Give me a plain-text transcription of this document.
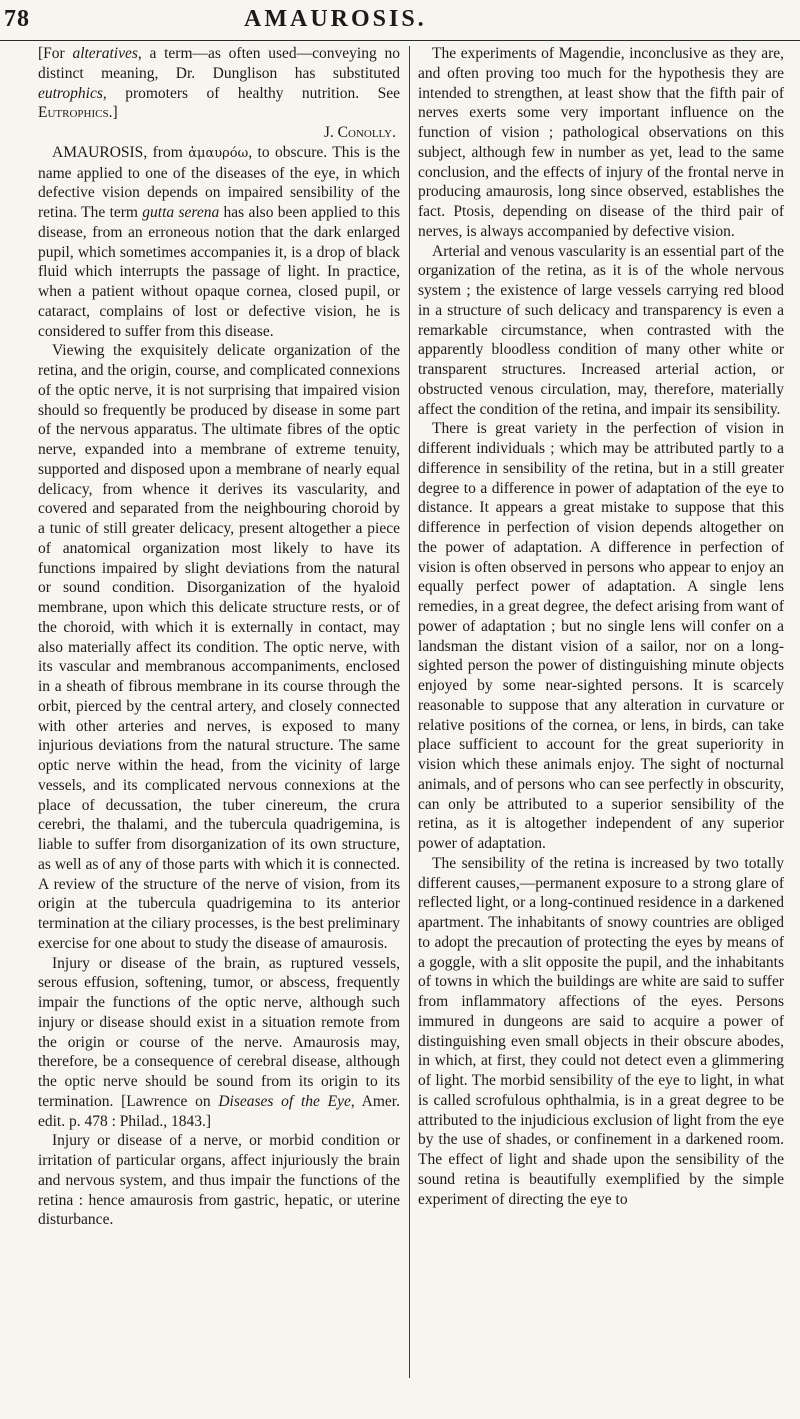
78	AMAUROSIS.

[For alteratives, a term—as often used—conveying no distinct meaning, Dr. Dunglison has substituted eutrophics, promoters of healthy nutrition. See Eutrophics.]

J. Conolly.

AMAUROSIS, from ἀμαυρόω, to obscure. This is the name applied to one of the diseases of the eye, in which defective vision depends on impaired sensibility of the retina. The term gutta serena has also been applied to this disease, from an erroneous notion that the dark enlarged pupil, which sometimes accompanies it, is a drop of black fluid which interrupts the passage of light. In practice, when a patient without opaque cornea, closed pupil, or cataract, complains of lost or defective vision, he is considered to suffer from this disease.

Viewing the exquisitely delicate organization of the retina, and the origin, course, and complicated connexions of the optic nerve, it is not surprising that impaired vision should so frequently be produced by disease in some part of the nervous apparatus. The ultimate fibres of the optic nerve, expanded into a membrane of extreme tenuity, supported and disposed upon a membrane of nearly equal delicacy, from whence it derives its vascularity, and covered and separated from the neighbouring choroid by a tunic of still greater delicacy, present altogether a piece of anatomical organization most likely to have its functions impaired by slight deviations from the natural or sound condition. Disorganization of the hyaloid membrane, upon which this delicate structure rests, or of the choroid, with which it is externally in contact, may also materially affect its condition. The optic nerve, with its vascular and membranous accompaniments, enclosed in a sheath of fibrous membrane in its course through the orbit, pierced by the central artery, and closely connected with other arteries and nerves, is exposed to many injurious deviations from the natural structure. The same optic nerve within the head, from the vicinity of large vessels, and its complicated nervous connexions at the place of decussation, the tuber cinereum, the crura cerebri, the thalami, and the tubercula quadrigemina, is liable to suffer from disorganization of its own structure, as well as of any of those parts with which it is connected. A review of the structure of the nerve of vision, from its origin at the tubercula quadrigemina to its anterior termination at the ciliary processes, is the best preliminary exercise for one about to study the disease of amaurosis.

Injury or disease of the brain, as ruptured vessels, serous effusion, softening, tumor, or abscess, frequently impair the functions of the optic nerve, although such injury or disease should exist in a situation remote from the origin or course of the nerve. Amaurosis may, therefore, be a consequence of cerebral disease, although the optic nerve should be sound from its origin to its termination. [Lawrence on Diseases of the Eye, Amer. edit. p. 478 : Philad., 1843.]

Injury or disease of a nerve, or morbid condition or irritation of particular organs, affect injuriously the brain and nervous system, and thus impair the functions of the retina : hence amaurosis from gastric, hepatic, or uterine disturbance.

The experiments of Magendie, inconclusive as they are, and often proving too much for the hypothesis they are intended to strengthen, at least show that the fifth pair of nerves exerts some very important influence on the function of vision ; pathological observations on this subject, although few in number as yet, lead to the same conclusion, and the effects of injury of the frontal nerve in producing amaurosis, long since observed, establishes the fact. Ptosis, depending on disease of the third pair of nerves, is always accompanied by defective vision.

Arterial and venous vascularity is an essential part of the organization of the retina, as it is of the whole nervous system ; the existence of large vessels carrying red blood in a structure of such delicacy and transparency is even a remarkable circumstance, when contrasted with the apparently bloodless condition of many other white or transparent structures. Increased arterial action, or obstructed venous circulation, may, therefore, materially affect the condition of the retina, and impair its sensibility.

There is great variety in the perfection of vision in different individuals ; which may be attributed partly to a difference in sensibility of the retina, but in a still greater degree to a difference in power of adaptation of the eye to distance. It appears a great mistake to suppose that this difference in perfection of vision depends altogether on the power of adaptation. A difference in perfection of vision is often observed in persons who appear to enjoy an equally perfect power of adaptation. A single lens remedies, in a great degree, the defect arising from want of power of adaptation ; but no single lens will confer on a landsman the distant vision of a sailor, nor on a long-sighted person the power of distinguishing minute objects enjoyed by some near-sighted persons. It is scarcely reasonable to suppose that any alteration in curvature or relative positions of the cornea, or lens, in birds, can take place sufficient to account for the great superiority in vision which these animals enjoy. The sight of nocturnal animals, and of persons who can see perfectly in obscurity, can only be attributed to a superior sensibility of the retina, as it is altogether independent of any superior power of adaptation.

The sensibility of the retina is increased by two totally different causes,—permanent exposure to a strong glare of reflected light, or a long-continued residence in a darkened apartment. The inhabitants of snowy countries are obliged to adopt the precaution of protecting the eyes by means of a goggle, with a slit opposite the pupil, and the inhabitants of towns in which the buildings are white are said to suffer from inflammatory affections of the eyes. Persons immured in dungeons are said to acquire a power of distinguishing even small objects in their obscure abodes, in which, at first, they could not detect even a glimmering of light. The morbid sensibility of the eye to light, in what is called scrofulous ophthalmia, is in a great degree to be attributed to the injudicious exclusion of light from the eye by the use of shades, or confinement in a darkened room. The effect of light and shade upon the sensibility of the sound retina is beautifully exemplified by the simple experiment of directing the eye to
